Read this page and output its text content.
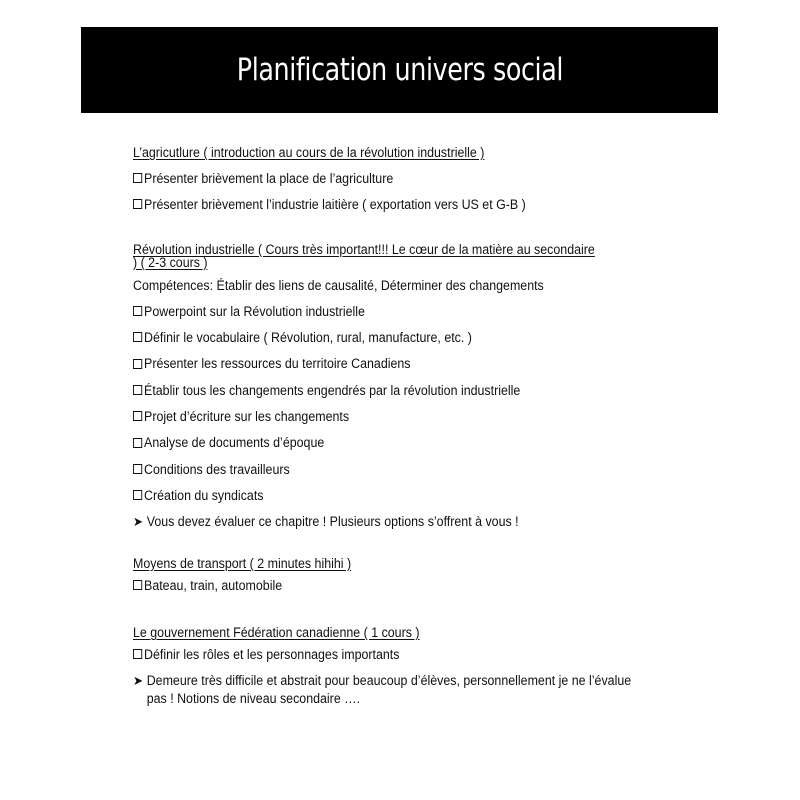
Planification univers social
L’agricutlure ( introduction au cours de la révolution industrielle )
Présenter brièvement la place de l’agriculture
Présenter brièvement l’industrie laitière ( exportation vers US et G-B )
Révolution industrielle ( Cours très important!!! Le cœur de la matière au secondaire ) ( 2-3 cours )
Compétences: Établir des liens de causalité, Déterminer des changements
Powerpoint sur la Révolution industrielle
Définir le vocabulaire ( Révolution, rural, manufacture, etc. )
Présenter les ressources du territoire Canadiens
Établir tous les changements engendrés par la révolution industrielle
Projet d’écriture sur les changements
Analyse de documents d’époque
Conditions des travailleurs
Création du syndicats
➤ Vous devez évaluer ce chapitre ! Plusieurs options s’offrent à vous !
Moyens de transport ( 2 minutes hihihi )
Bateau, train, automobile
Le gouvernement Fédération canadienne ( 1 cours )
Définir les rôles et les personnages importants
➤ Demeure très difficile et abstrait pour beaucoup d’élèves, personnellement je ne l’évalue pas ! Notions de niveau secondaire ….
